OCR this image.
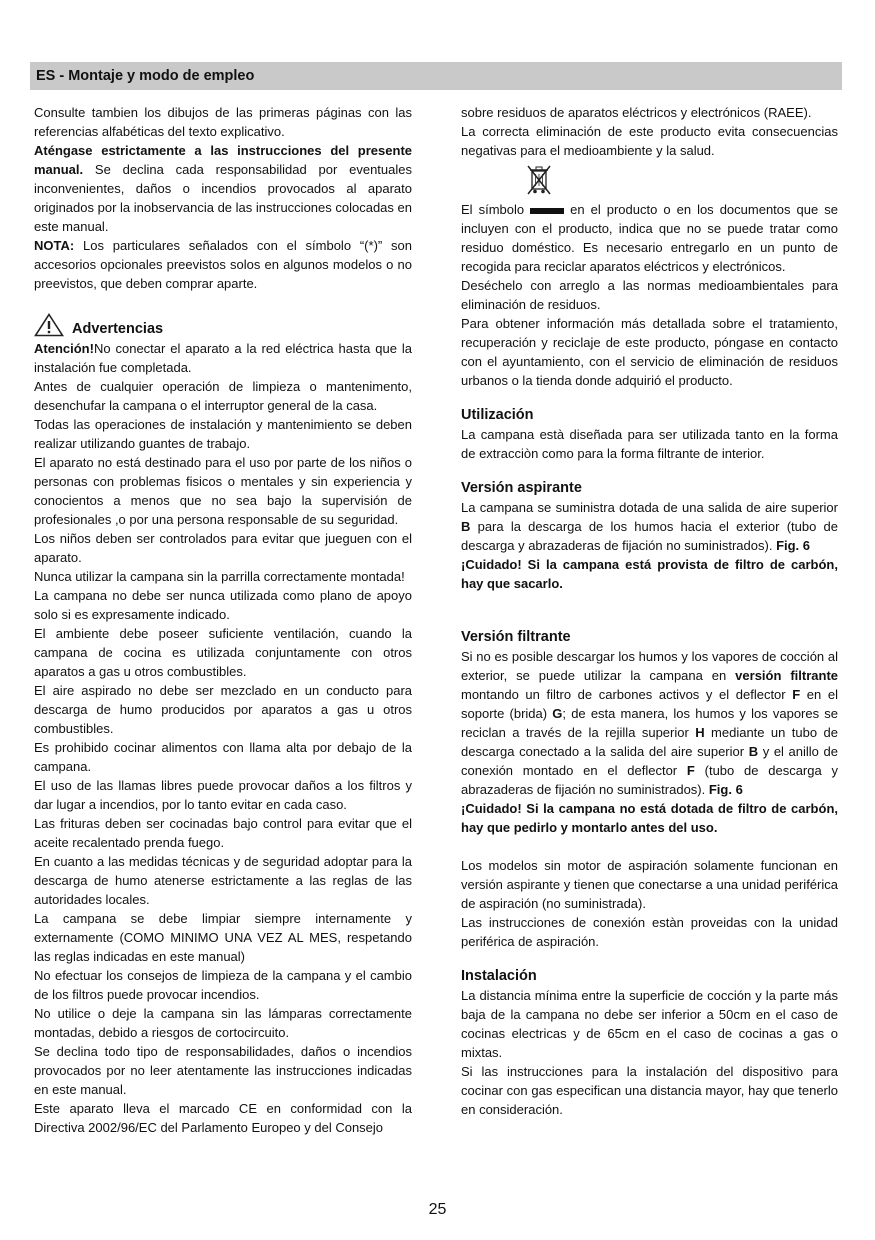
ES - Montaje y modo de empleo

Consulte tambien los dibujos de las primeras páginas con las referencias alfabéticas del texto explicativo.

Aténgase estrictamente a las instrucciones del presente manual. Se declina cada responsabilidad por eventuales inconvenientes, daños o incendios provocados al aparato originados por la inobservancia de las instrucciones colocadas en este manual.

NOTA: Los particulares señalados con el símbolo “(*)” son accesorios opcionales preevistos solos en algunos modelos o no preevistos, que deben comprar aparte.

Advertencias

Atención!No conectar el aparato a la red eléctrica hasta que la instalación fue completada.

Antes de cualquier operación de limpieza o mantenimento, desenchufar la campana o el interruptor general de la casa.

Todas las operaciones de instalación y mantenimiento se deben realizar utilizando guantes de trabajo.

El aparato no está destinado para el uso por parte de los niños o personas con problemas fisicos o mentales y sin experiencia y conocientos a menos que no sea bajo la supervisión de profesionales ,o por una persona responsable de su seguridad.

Los niños deben ser controlados para evitar que jueguen con el aparato.

Nunca utilizar la campana sin la parrilla correctamente montada!

La campana no debe ser nunca utilizada como plano de apoyo solo si es expresamente indicado.

El ambiente debe poseer suficiente ventilación, cuando la campana de cocina es utilizada conjuntamente con otros aparatos a gas u otros combustibles.

El aire aspirado no debe ser mezclado en un conducto para descarga de humo producidos por aparatos a gas u otros combustibles.

Es prohibido cocinar alimentos con llama alta por debajo de la campana.

El uso de las llamas libres puede provocar daños a los filtros y dar lugar a incendios, por lo tanto evitar en cada caso.

Las frituras deben ser cocinadas bajo control para evitar que el aceite recalentado prenda fuego.

En cuanto a las medidas técnicas y de seguridad adoptar para la descarga de humo atenerse estrictamente a las reglas de las autoridades locales.

La campana se debe limpiar siempre internamente y externamente (COMO MINIMO UNA VEZ AL MES, respetando las reglas indicadas en este manual)

No efectuar los consejos de limpieza de la campana y el cambio de los filtros puede provocar incendios.

No utilice o deje la campana sin las lámparas correctamente montadas, debido a riesgos de cortocircuito.

Se declina todo tipo de responsabilidades, daños o incendios provocados por no leer atentamente las instrucciones indicadas en este manual.

Este aparato lleva el marcado CE en conformidad con la Directiva 2002/96/EC del Parlamento Europeo y del Consejo

sobre residuos de aparatos eléctricos y electrónicos (RAEE).

La correcta eliminación de este producto evita consecuencias negativas para el medioambiente y la salud.

El símbolo	en el producto o en los documentos que se incluyen con el producto, indica que no se puede tratar como residuo doméstico. Es necesario entregarlo en un punto de recogida para reciclar aparatos eléctricos y electrónicos.

Deséchelo con arreglo a las normas medioambientales para eliminación de residuos.

Para obtener información más detallada sobre el tratamiento, recuperación y reciclaje de este producto, póngase en contacto con el ayuntamiento, con el servicio de eliminación de residuos urbanos o la tienda donde adquirió el producto.

Utilización

La campana està diseñada para ser utilizada tanto en la forma de extracciòn como para la forma filtrante de interior.

Versión aspirante

La campana se suministra dotada de una salida de aire superior B para la descarga de los humos hacia el exterior (tubo de descarga y abrazaderas de fijación no suministrados). Fig. 6

¡Cuidado! Si la campana está provista de filtro de carbón, hay que sacarlo.

Versión filtrante

Si no es posible descargar los humos y los vapores de cocción al exterior, se puede utilizar la campana en versión filtrante montando un filtro de carbones activos y el deflector F en el soporte (brida) G; de esta manera, los humos y los vapores se reciclan a través de la rejilla superior H mediante un tubo de descarga conectado a la salida del aire superior B y el anillo de conexión montado en el deflector F (tubo de descarga y abrazaderas de fijación no suministrados). Fig. 6

¡Cuidado! Si la campana no está dotada de filtro de carbón, hay que pedirlo y montarlo antes del uso.

Los modelos sin motor de aspiración solamente funcionan en versión aspirante y tienen que conectarse a una unidad periférica de aspiración (no suministrada).

Las instrucciones de conexión estàn proveidas con la unidad periférica de aspiración.

Instalación

La distancia mínima entre la superficie de cocción y la parte más baja de la campana no debe ser inferior a 50cm en el caso de cocinas electricas y de 65cm en el caso de cocinas a gas o mixtas.

Si las instrucciones para la instalación del dispositivo para cocinar con gas especifican una distancia mayor, hay que tenerlo en consideración.

25
